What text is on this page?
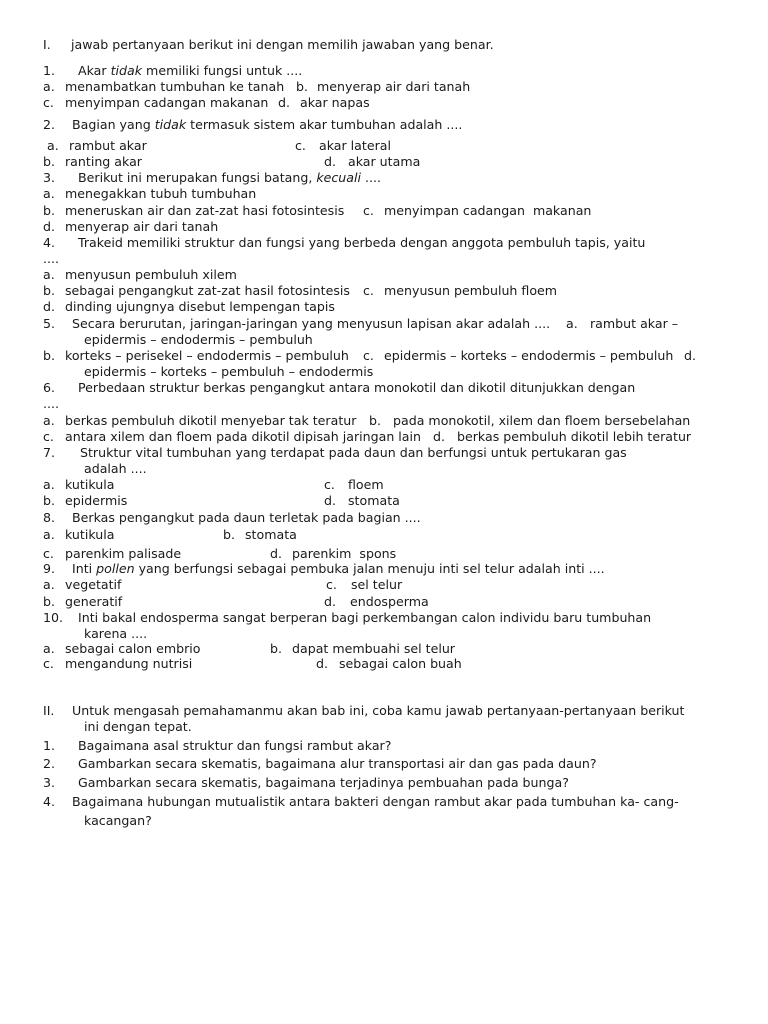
I.

jawab pertanyaan berikut ini dengan memilih jawaban yang benar.

1.

Akar tidak memiliki fungsi untuk ....

a.

menambatkan tumbuhan ke tanah

b.

menyerap air dari tanah

c.

menyimpan cadangan makanan

d.

akar napas

2.

Bagian yang tidak termasuk sistem akar tumbuhan adalah ....

a.

rambut akar

	c.

akar lateral

b.

ranting akar

	d.

akar utama

3.

Berikut ini merupakan fungsi batang, kecuali ....

a.

menegakkan tubuh tumbuhan

b.

meneruskan air dan zat-zat hasi fotosintesis

c.

menyimpan cadangan  makanan

d.

menyerap air dari tanah

4.

Trakeid memiliki struktur dan fungsi yang berbeda dengan anggota pembuluh tapis, yaitu

....

a.

menyusun pembuluh xilem

b.

sebagai pengangkut zat-zat hasil fotosintesis

c.

menyusun pembuluh floem

d.

dinding ujungnya disebut lempengan tapis

5.

Secara berurutan, jaringan-jaringan yang menyusun lapisan akar adalah ....

a.

rambut akar –

epidermis – endodermis – pembuluh

b.

korteks – perisekel – endodermis – pembuluh

c.

epidermis – korteks – endodermis – pembuluh

d.

epidermis – korteks – pembuluh – endodermis

6.

Perbedaan struktur berkas pengangkut antara monokotil dan dikotil ditunjukkan dengan

....

a.

berkas pembuluh dikotil menyebar tak teratur

b.

pada monokotil, xilem dan floem bersebelahan

c.

antara xilem dan floem pada dikotil dipisah jaringan lain

d.

berkas pembuluh dikotil lebih teratur

7.

Struktur vital tumbuhan yang terdapat pada daun dan berfungsi untuk pertukaran gas

adalah ....

a.

kutikula

	c.

floem

b.

epidermis

	d.

stomata

8.

Berkas pengangkut pada daun terletak pada bagian ....

a.

kutikula

	b.

stomata

c.

parenkim palisade

	d.

parenkim  spons

9.

Inti pollen yang berfungsi sebagai pembuka jalan menuju inti sel telur adalah inti ....

a.

vegetatif

	c.

sel telur

b.

generatif

	d.

endosperma

10.

Inti bakal endosperma sangat berperan bagi perkembangan calon individu baru tumbuhan

karena ....

a.

sebagai calon embrio

	b.

dapat membuahi sel telur

c.

mengandung nutrisi

	d.

sebagai calon buah

II.

Untuk mengasah pemahamanmu akan bab ini, coba kamu jawab pertanyaan-pertanyaan berikut

ini dengan tepat.

1.

Bagaimana asal struktur dan fungsi rambut akar?

2.

Gambarkan secara skematis, bagaimana alur transportasi air dan gas pada daun?

3.

Gambarkan secara skematis, bagaimana terjadinya pembuahan pada bunga?

4.

Bagaimana hubungan mutualistik antara bakteri dengan rambut akar pada tumbuhan ka- cang-

kacangan?
